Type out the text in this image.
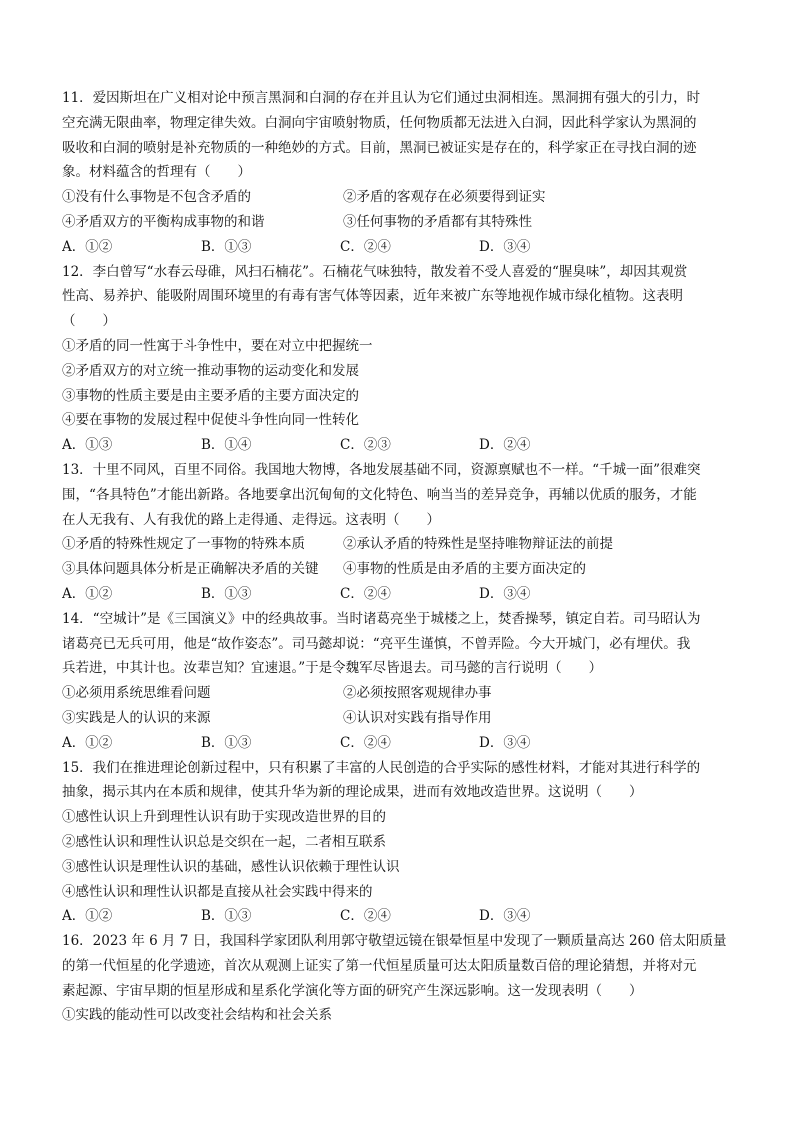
11．爱因斯坦在广义相对论中预言黑洞和白洞的存在并且认为它们通过虫洞相连。黑洞拥有强大的引力，时
空充满无限曲率，物理定律失效。白洞向宇宙喷射物质，任何物质都无法进入白洞，因此科学家认为黑洞的
吸收和白洞的喷射是补充物质的一种绝妙的方式。目前，黑洞已被证实是存在的，科学家正在寻找白洞的迹
象。材料蕴含的哲理有（　　）
①没有什么事物是不包含矛盾的	②矛盾的客观存在必须要得到证实
④矛盾双方的平衡构成事物的和谐	③任何事物的矛盾都有其特殊性
A．①②	B．①③	C．②④	D．③④
12．李白曾写“水春云母碓，风扫石楠花”。石楠花气味独特，散发着不受人喜爱的“腥臭味”，却因其观赏
性高、易养护、能吸附周围环境里的有毒有害气体等因素，近年来被广东等地视作城市绿化植物。这表明
（　　）
①矛盾的同一性寓于斗争性中，要在对立中把握统一
②矛盾双方的对立统一推动事物的运动变化和发展
③事物的性质主要是由主要矛盾的主要方面决定的
④要在事物的发展过程中促使斗争性向同一性转化
A．①③	B．①④	C．②③	D．②④
13．十里不同风，百里不同俗。我国地大物博，各地发展基础不同，资源禀赋也不一样。“千城一面”很难突
围，“各具特色”才能出新路。各地要拿出沉甸甸的文化特色、响当当的差异竞争，再辅以优质的服务，才能
在人无我有、人有我优的路上走得通、走得远。这表明（　　）
①矛盾的特殊性规定了一事物的特殊本质	②承认矛盾的特殊性是坚持唯物辩证法的前提
③具体问题具体分析是正确解决矛盾的关键	④事物的性质是由矛盾的主要方面决定的
A．①②	B．①③	C．②④	D．③④
14．“空城计”是《三国演义》中的经典故事。当时诸葛亮坐于城楼之上，焚香操琴，镇定自若。司马昭认为
诸葛亮已无兵可用，他是“故作姿态”。司马懿却说：“亮平生谨慎，不曾弄险。今大开城门，必有埋伏。我
兵若进，中其计也。汝辈岂知？宜速退。”于是令魏军尽皆退去。司马懿的言行说明（　　）
①必须用系统思维看问题	②必须按照客观规律办事
③实践是人的认识的来源	④认识对实践有指导作用
A．①②	B．①③	C．②④	D．③④
15．我们在推进理论创新过程中，只有积累了丰富的人民创造的合乎实际的感性材料，才能对其进行科学的
抽象，揭示其内在本质和规律，使其升华为新的理论成果，进而有效地改造世界。这说明（　　）
①感性认识上升到理性认识有助于实现改造世界的目的
②感性认识和理性认识总是交织在一起，二者相互联系
③感性认识是理性认识的基础，感性认识依赖于理性认识
④感性认识和理性认识都是直接从社会实践中得来的
A．①②	B．①③	C．②④	D．③④
16．2023 年 6 月 7 日，我国科学家团队利用郭守敬望远镜在银晕恒星中发现了一颗质量高达 260 倍太阳质量
的第一代恒星的化学遗迹，首次从观测上证实了第一代恒星质量可达太阳质量数百倍的理论猜想，并将对元
素起源、宇宙早期的恒星形成和星系化学演化等方面的研究产生深远影响。这一发现表明（　　）
①实践的能动性可以改变社会结构和社会关系
